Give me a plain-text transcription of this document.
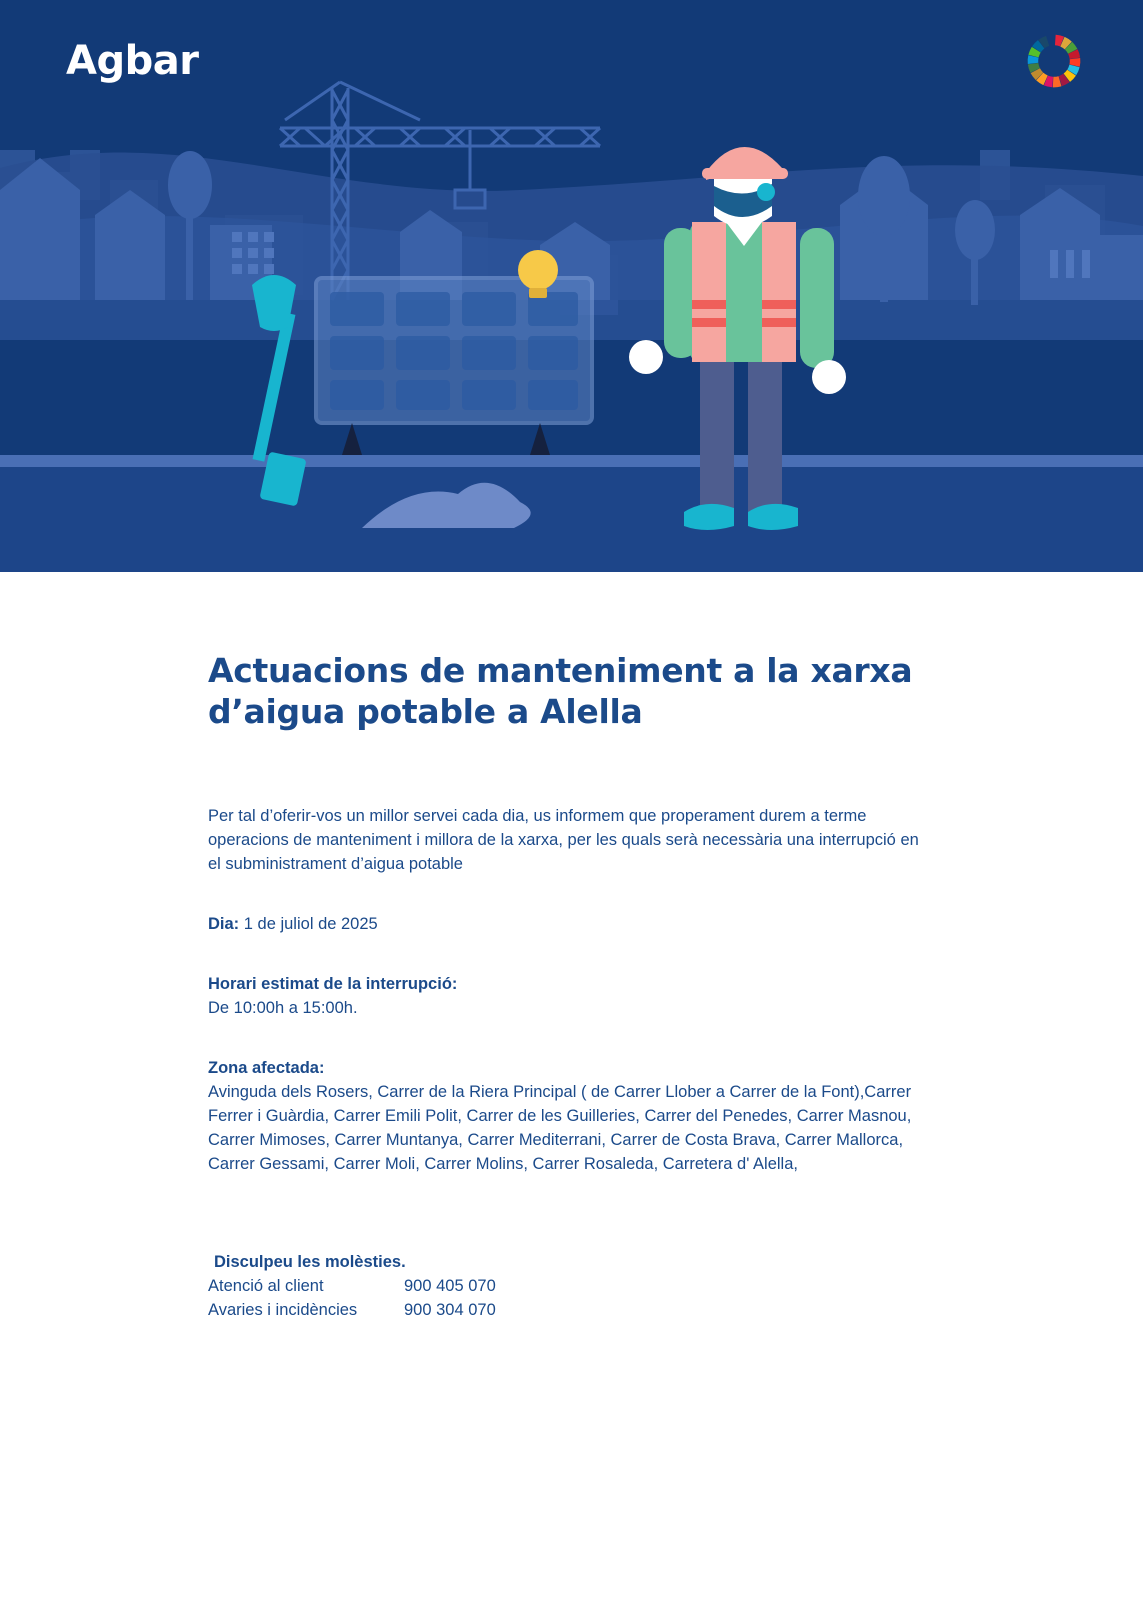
Agbar
Actuacions de manteniment a la xarxa d’aigua potable a Alella

Per tal d’oferir-vos un millor servei cada dia, us informem que properament durem a terme operacions de manteniment i millora de la xarxa, per les quals serà necessària una interrupció en el subministrament d’aigua potable

Dia: 1 de juliol de 2025
Horari estimat de la interrupció:
De 10:00h a 15:00h.
Zona afectada:
Avinguda dels Rosers, Carrer de la Riera Principal ( de Carrer Llober a Carrer de la Font),Carrer Ferrer i Guàrdia, Carrer Emili Polit, Carrer de les Guilleries, Carrer del Penedes, Carrer Masnou, Carrer Mimoses, Carrer Muntanya, Carrer Mediterrani, Carrer de Costa Brava, Carrer Mallorca, Carrer Gessami, Carrer Moli, Carrer Molins, Carrer Rosaleda, Carretera d' Alella,
Disculpeu les molèsties.
Atenció al client	900 405 070
Avaries i incidències	900 304 070
